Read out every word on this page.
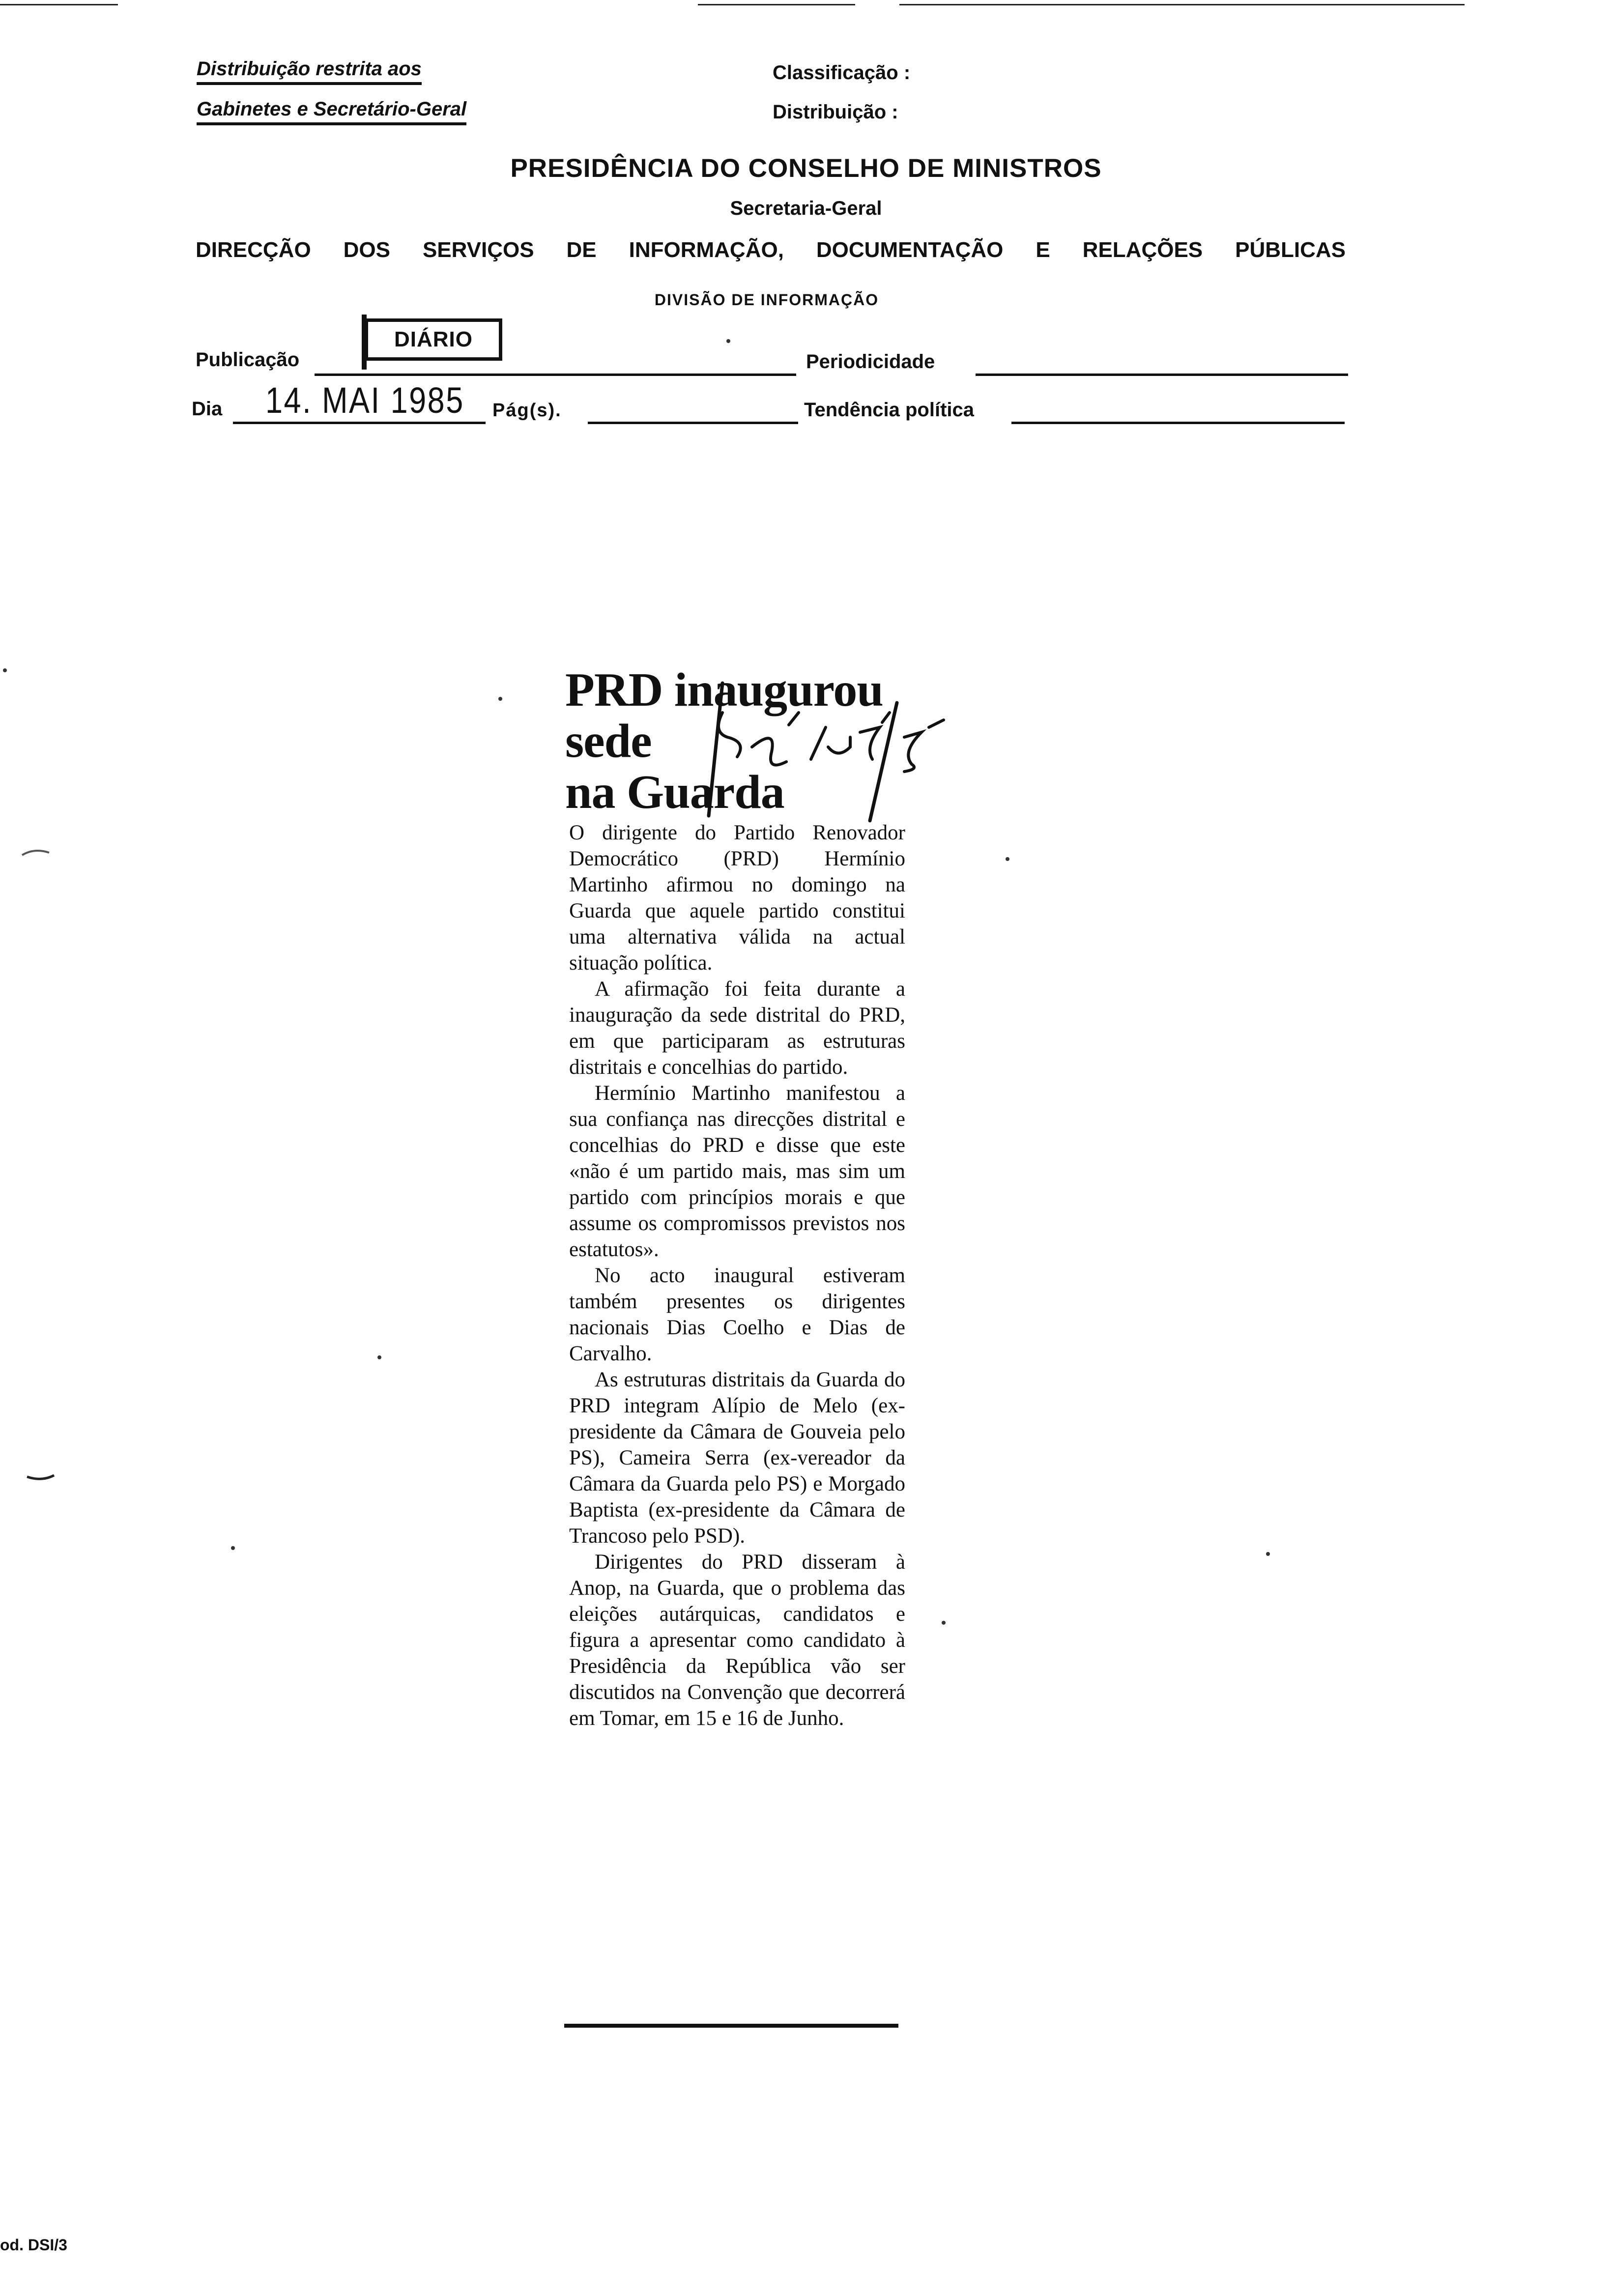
Distribuição restrita aos
Gabinetes e Secretário-Geral
Classificação :
Distribuição :
PRESIDÊNCIA DO CONSELHO DE MINISTROS
Secretaria-Geral
DIRECÇÃO DOS SERVIÇOS DE INFORMAÇÃO, DOCUMENTAÇÃO E RELAÇÕES PÚBLICAS
DIVISÃO DE INFORMAÇÃO
Publicação
DIÁRIO
Periodicidade
Dia 14. MAI 1985 Pág(s).	Tendência política
PRD inaugurou
sede
na Guarda

O dirigente do Partido Renovador Democrático (PRD) Hermínio Martinho afirmou no domingo na Guarda que aquele partido constitui uma alternativa válida na actual situação política.

A afirmação foi feita durante a inauguração da sede distrital do PRD, em que participaram as estruturas distritais e concelhias do partido.

Hermínio Martinho manifestou a sua confiança nas direcções distrital e concelhias do PRD e disse que este «não é um partido mais, mas sim um partido com princípios morais e que assume os compromissos previstos nos estatutos».

No acto inaugural estiveram também presentes os dirigentes nacionais Dias Coelho e Dias de Carvalho.

As estruturas distritais da Guarda do PRD integram Alípio de Melo (ex-presidente da Câmara de Gouveia pelo PS), Cameira Serra (ex-vereador da Câmara da Guarda pelo PS) e Morgado Baptista (ex-presidente da Câmara de Trancoso pelo PSD).

Dirigentes do PRD disseram à Anop, na Guarda, que o problema das eleições autárquicas, candidatos e figura a apresentar como candidato à Presidência da República vão ser discutidos na Convenção que decorrerá em Tomar, em 15 e 16 de Junho.

od. DSI/3
